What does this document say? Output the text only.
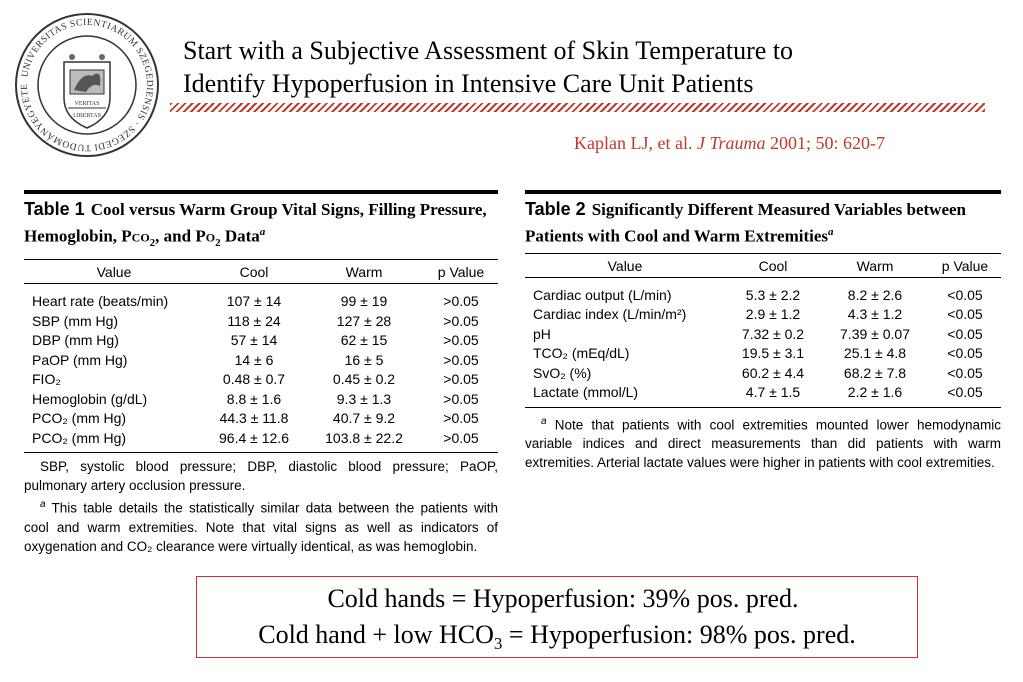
UNIVERSITAS SCIENTIARUM SZEGEDIENSIS · SZEGEDI TUDOMÁNYEGYETE
VERITAS
LIBERTAS
Start with a Subjective Assessment of Skin Temperature to
Identify Hypoperfusion in Intensive Care Unit Patients
Kaplan LJ, et al. J Trauma 2001; 50: 620-7
Table 1 Cool versus Warm Group Vital Signs, Filling Pressure, Hemoglobin, $PCO_2$, and $PO_2$ Data$^a$
Value	Cool	Warm	p Value
Heart rate (beats/min)	107 ± 14	99 ± 19	>0.05
SBP (mm Hg)	118 ± 24	127 ± 28	>0.05
DBP (mm Hg)	57 ± 14	62 ± 15	>0.05
PaOP (mm Hg)	14 ± 6	16 ± 5	>0.05
FIO₂	0.48 ± 0.7	0.45 ± 0.2	>0.05
Hemoglobin (g/dL)	8.8 ± 1.6	9.3 ± 1.3	>0.05
PCO₂ (mm Hg)	44.3 ± 11.8	40.7 ± 9.2	>0.05
PCO₂ (mm Hg)	96.4 ± 12.6	103.8 ± 22.2	>0.05

SBP, systolic blood pressure; DBP, diastolic blood pressure; PaOP, pulmonary artery occlusion pressure.

$^a$ This table details the statistically similar data between the patients with cool and warm extremities. Note that vital signs as well as indicators of oxygenation and CO₂ clearance were virtually identical, as was hemoglobin.

Table 2 Significantly Different Measured Variables between Patients with Cool and Warm Extremities$^a$
Value	Cool	Warm	p Value
Cardiac output (L/min)	5.3 ± 2.2	8.2 ± 2.6	<0.05
Cardiac index (L/min/m²)	2.9 ± 1.2	4.3 ± 1.2	<0.05
pH	7.32 ± 0.2	7.39 ± 0.07	<0.05
TCO₂ (mEq/dL)	19.5 ± 3.1	25.1 ± 4.8	<0.05
SvO₂ (%)	60.2 ± 4.4	68.2 ± 7.8	<0.05
Lactate (mmol/L)	4.7 ± 1.5	2.2 ± 1.6	<0.05

$^a$ Note that patients with cool extremities mounted lower hemodynamic variable indices and direct measurements than did patients with warm extremities. Arterial lactate values were higher in patients with cool extremities.

Cold hands = Hypoperfusion: 39% pos. pred.
Cold hand + low $HCO_3$ = Hypoperfusion: 98% pos. pred.
